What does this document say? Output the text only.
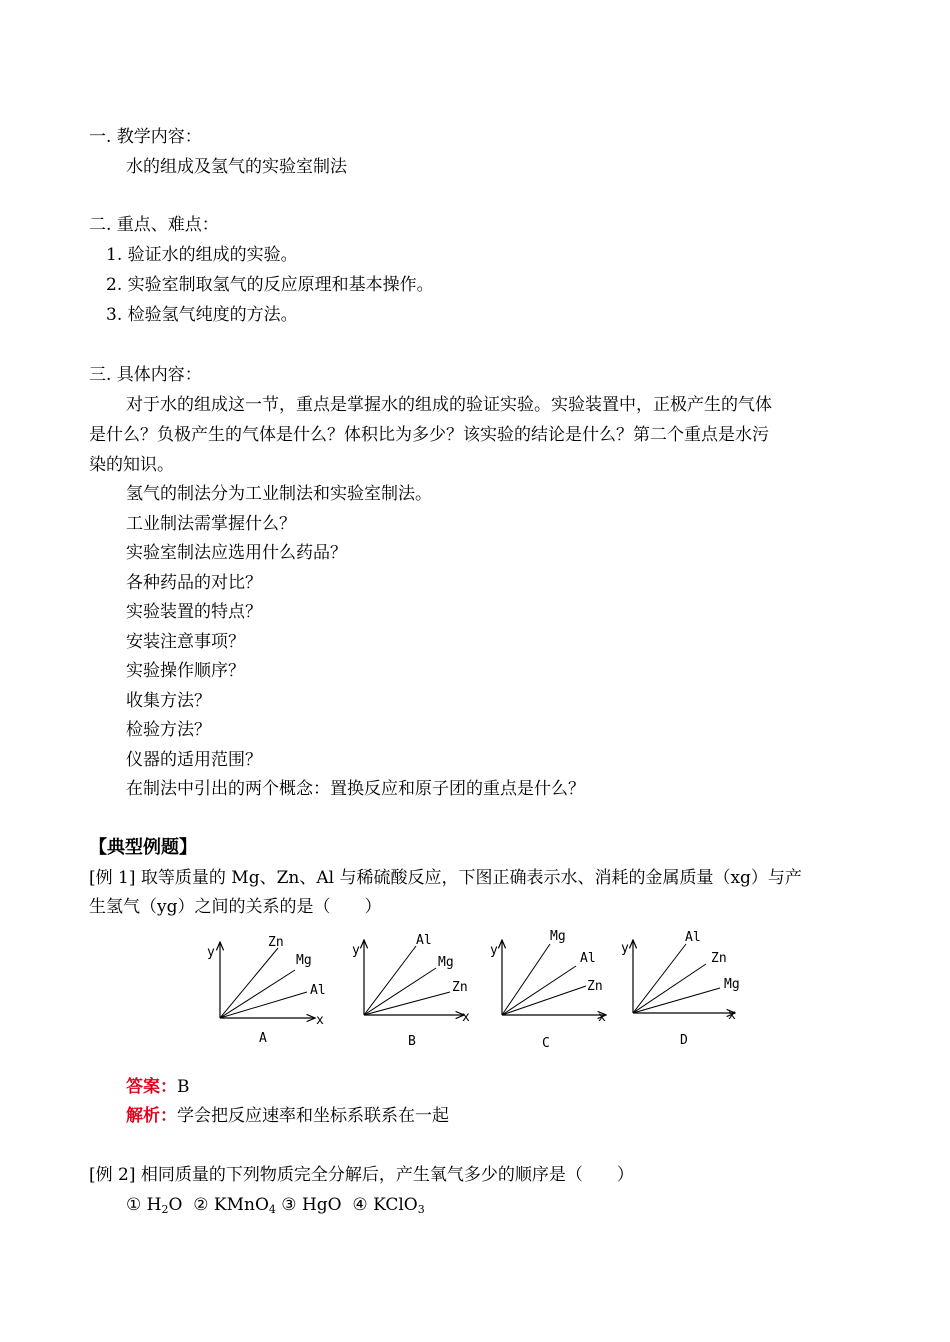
一. 教学内容：
水的组成及氢气的实验室制法
二. 重点、难点：
1. 验证水的组成的实验。
2. 实验室制取氢气的反应原理和基本操作。
3. 检验氢气纯度的方法。
三. 具体内容：
对于水的组成这一节，重点是掌握水的组成的验证实验。实验装置中，正极产生的气体
是什么？负极产生的气体是什么？体积比为多少？该实验的结论是什么？第二个重点是水污
染的知识。
氢气的制法分为工业制法和实验室制法。
工业制法需掌握什么？
实验室制法应选用什么药品？
各种药品的对比？
实验装置的特点？
安装注意事项？
实验操作顺序？
收集方法？
检验方法？
仪器的适用范围？
在制法中引出的两个概念：置换反应和原子团的重点是什么？
【典型例题】
[例 1] 取等质量的 Mg、Zn、Al 与稀硫酸反应，下图正确表示水、消耗的金属质量（xg）与产
生氢气（yg）之间的关系的是（　　）
y
x
Zn
Mg
Al
A
y
x
Al
Mg
Zn
B
y
x
Mg
Al
Zn
C
y
x
Al
Zn
Mg
D
答案：B
解析：学会把反应速率和坐标系联系在一起
[例 2] 相同质量的下列物质完全分解后，产生氧气多少的顺序是（　　）
① $H_2O$ ② KMnO$_4$ ③ HgO ④ KClO$_3$
